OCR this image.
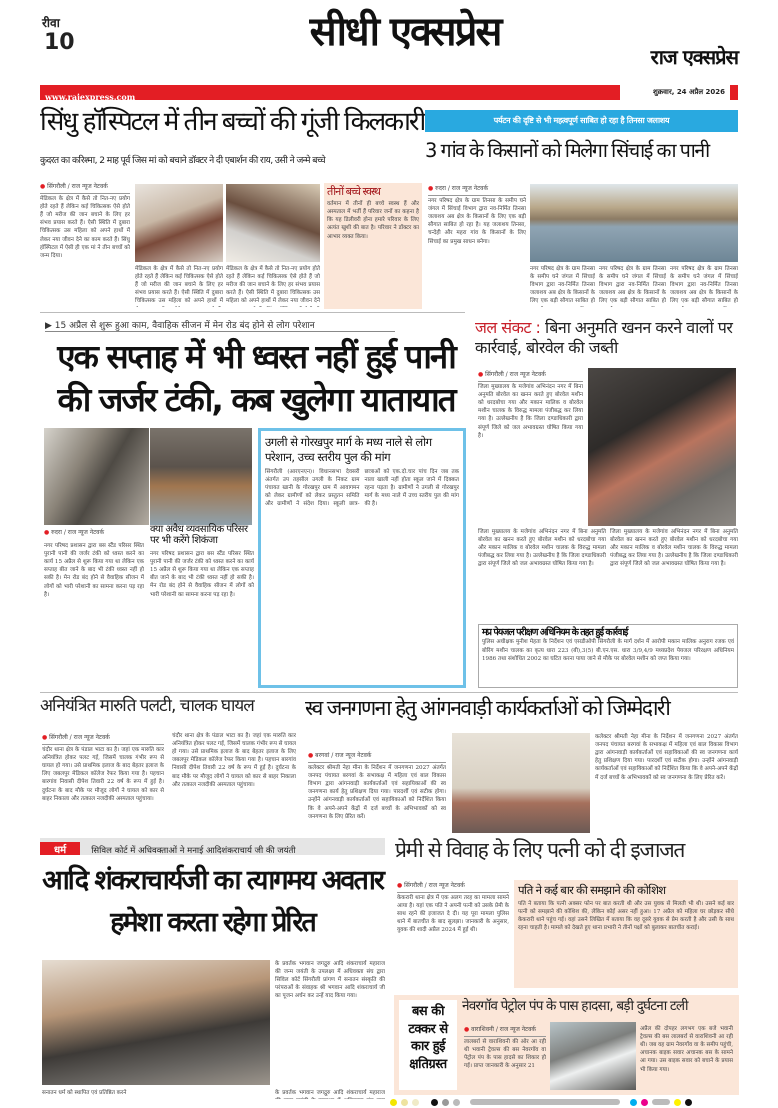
रीवा
10	सीधी एक्सप्रेस
राज एक्सप्रेस
www.rajexpress.com	शुक्रवार, 24 अप्रैल 2026
सिंधु हॉस्पिटल में तीन बच्चों की गूंजी किलकारी
कुदरत का करिश्मा, 2 माह पूर्व जिस मां को बचाने डॉक्टर ने दी एबार्शन की राय, उसी ने जन्मे बच्चे
● सिंगरौली / राज न्यूज नेटवर्क
मेडिकल के क्षेत्र में कैसे तो नित-नए प्रयोग होते रहते हैं लेकिन कई चिकित्सक ऐसे होते हैं जो मरीज की जान बचाने के लिए हर संभव प्रयास करते हैं। ऐसी स्थिति में दुबारा चिकित्सक उस महिला को अपने हाथों में लेकर नया जीवन देने का काम करते हैं। सिंधु हॉस्पिटल में ऐसी ही एक मां ने तीन बच्चों को जन्म दिया।
मेडिकल के क्षेत्र में कैसे तो नित-नए प्रयोग होते रहते हैं लेकिन कई चिकित्सक ऐसे होते हैं जो मरीज की जान बचाने के लिए हर संभव प्रयास करते हैं। ऐसी स्थिति में दुबारा चिकित्सक उस महिला को अपने हाथों में
मेडिकल के क्षेत्र में कैसे तो नित-नए प्रयोग होते रहते हैं लेकिन कई चिकित्सक ऐसे होते हैं जो मरीज की जान बचाने के लिए हर संभव प्रयास करते हैं। ऐसी स्थिति में दुबारा चिकित्सक उस महिला को अपने हाथों में लेकर नया जीवन देने
तीनों बच्चे स्वस्थ
वर्तमान में तीनों ही बच्चे स्वस्थ हैं और अस्पताल में भर्ती हैं परिवार जनों का कहना है कि यह डिलीवरी होना हमारे परिवार के लिए अत्यंत खुशी की बात है। परिवार ने डॉक्टर का आभार व्यक्त किया।
पर्यटन की दृष्टि से भी महत्वपूर्ण साबित हो रहा है तिनसा जलाशय
3 गांव के किसानों को मिलेगा सिंचाई का पानी
● रुदरा / राज न्यूज नेटवर्क
नगर परिषद क्षेत्र के ग्राम तिनसा के समीप घने जंगल में सिंचाई विभाग द्वारा नव-निर्मित तिनसा जलाशय अब क्षेत्र के किसानों के लिए एक बड़ी सौगात साबित हो रहा है। यह जलाशय तिनसा, चन्देही और महरा गांव के किसानों के लिए सिंचाई का प्रमुख साधन बनेगा।
नगर परिषद क्षेत्र के ग्राम तिनसा के समीप घने जंगल में सिंचाई विभाग द्वारा नव-निर्मित तिनसा जलाशय अब क्षेत्र के किसानों के लिए एक बड़ी सौगात साबित हो
नगर परिषद क्षेत्र के ग्राम तिनसा के समीप घने जंगल में सिंचाई विभाग द्वारा नव-निर्मित तिनसा जलाशय अब क्षेत्र के किसानों के लिए एक बड़ी सौगात साबित हो
नगर परिषद क्षेत्र के ग्राम तिनसा के समीप घने जंगल में सिंचाई विभाग द्वारा नव-निर्मित तिनसा जलाशय अब क्षेत्र के किसानों के लिए एक बड़ी सौगात साबित हो
▶ 15 अप्रैल से शुरू हुआ काम, वैवाहिक सीजन में मेन रोड बंद होने से लोग परेशान
एक सप्ताह में भी ध्वस्त नहीं हुई पानी की जर्जर टंकी, कब खुलेगा यातायात
● रुदरा / राज न्यूज नेटवर्क	क्या अवैध व्यवसायिक परिसर पर भी करेंगे शिकंजा
नगर परिषद प्रशासन द्वारा बस स्टैंड परिसर स्थित पुरानी पानी की जर्जर टंकी को ध्वस्त करने का कार्य 15 अप्रैल से शुरू किया गया था लेकिन एक सप्ताह बीत जाने के बाद भी टंकी ध्वस्त नहीं हो सकी है। मेन रोड बंद होने से वैवाहिक सीजन में लोगों को भारी परेशानी का सामना करना पड़ रहा है।
नगर परिषद प्रशासन द्वारा बस स्टैंड परिसर स्थित पुरानी पानी की जर्जर टंकी को ध्वस्त करने का कार्य 15 अप्रैल से शुरू किया गया था लेकिन एक सप्ताह बीत जाने के बाद भी टंकी ध्वस्त नहीं हो सकी है। मेन रोड बंद होने से वैवाहिक सीजन में लोगों को भारी परेशानी का सामना करना पड़ रहा है।
उगली से गोरखपुर मार्ग के मध्य नाले से लोग परेशान, उच्च स्तरीय पुल की मांग
सिंगरौली (आरएनएन)। विधानसभा देवसरी अंतर्गत उप तहसील उगली के निकट ग्राम पंचायत खानी के गोरखपुर ग्राम में आवागमन को लेकर ग्रामीणों को लेकर प्रस्तुतन समिति और ग्रामीणों ने संदेश दिया। स्कूली छात्र-छात्राओं को एक.दो.चार पांच दिन जब तक नाला खाली नहीं होता स्कूल जाने में दिक्कत रहना पड़ता है। ग्रामीणों ने उगली से गोरखपुर मार्ग के मध्य नाले में उच्च स्तरीय पुल की मांग की है।
जल संकट : बिना अनुमति खनन करने वालों पर कार्रवाई, बोरवेल की जब्ती
● सिंगरौली / राज न्यूज नेटवर्क
जिला मुख्यालय के मजेगांव अभिनंदन नगर में बिना अनुमति बोरवेल का खनन करते हुए बोरवेल मशीन को धरदबोचा गया और मकान मालिक व बोरवेल मशीन चालक के विरुद्ध मामला पंजीबद्ध कर लिया गया है। उल्लेखनीय है कि जिला दण्डाधिकारी द्वारा संपूर्ण जिले को जल अभावग्रस्त घोषित किया गया है।
जिला मुख्यालय के मजेगांव अभिनंदन नगर में बिना अनुमति बोरवेल का खनन करते हुए बोरवेल मशीन को धरदबोचा गया और मकान मालिक व बोरवेल मशीन चालक के विरुद्ध मामला पंजीबद्ध कर लिया गया है। उल्लेखनीय है कि जिला दण्डाधिकारी द्वारा संपूर्ण जिले को जल अभावग्रस्त घोषित किया गया है।
जिला मुख्यालय के मजेगांव अभिनंदन नगर में बिना अनुमति बोरवेल का खनन करते हुए बोरवेल मशीन को धरदबोचा गया और मकान मालिक व बोरवेल मशीन चालक के विरुद्ध मामला पंजीबद्ध कर लिया गया है। उल्लेखनीय है कि जिला दण्डाधिकारी द्वारा संपूर्ण जिले को जल अभावग्रस्त घोषित किया गया है।
मप्र पेयजल परीक्षण अधिनियम के तहत हुई कार्रवाई
पुलिस अधीक्षक मुनीश मेहता के निर्देशन एवं एसडीओपी सिंगरौली के मार्ग दर्शन में आरोपी मकान मालिक अनुराग रजक एवं बोरिंग मशीन चालक का कृत्य धारा 223 (बी),3(5) बी.एन.एस. धारा 3/9,4/9 मध्यप्रदेश पेयजल परिरक्षण अधिनियम 1986 तथा संशोधित 2002 का घटित करना पाया जाने से मौके पर बोरवेल मशीन को जप्त किया गया।
अनियंत्रित मारुति पलटी, चालक घायल
● सिंगरौली / राज न्यूज नेटवर्क
चंदौर थाना क्षेत्र के पंडाल भाटा का है। जहां एक मारुति कार अनियंत्रित होकर पलट गई, जिसमें चालक गंभीर रूप से घायल हो गया। उसे प्राथमिक इलाज के बाद बेहतर इलाज के लिए जबलपुर मेडिकल कॉलेज रेफर किया गया है। पहचान बारगांव निवासी दीपेश तिवारी 22 वर्ष के रूप में हुई है। दुर्घटना के बाद मौके पर मौजूद लोगों ने घायल को कार से बाहर निकाला और तत्काल नजदीकी अस्पताल पहुंचाया।
चंदौर थाना क्षेत्र के पंडाल भाटा का है। जहां एक मारुति कार अनियंत्रित होकर पलट गई, जिसमें चालक गंभीर रूप से घायल हो गया। उसे प्राथमिक इलाज के बाद बेहतर इलाज के लिए जबलपुर मेडिकल कॉलेज रेफर किया गया है। पहचान बारगांव निवासी दीपेश तिवारी 22 वर्ष के रूप में हुई है। दुर्घटना के बाद मौके पर मौजूद लोगों ने घायल को कार से बाहर निकाला और तत्काल नजदीकी अस्पताल पहुंचाया।
स्व जनगणना हेतु आंगनवाड़ी कार्यकर्ताओं को जिम्मेदारी
● बरगवां / राज न्यूज नेटवर्क
कलेक्टर श्रीमती नेहा मीना के निर्देशन में जनगणना 2027 अंतर्गत जनपद पंचायत बरगवां के सभाकक्ष में महिला एवं बाल विकास विभाग द्वारा आंगनवाड़ी कार्यकर्ताओं एवं सहायिकाओं की स्व जनगणना कार्य हेतु प्रशिक्षण दिया गया। पारदर्शी एवं सटीक होगा। उन्होंने आंगनवाड़ी कार्यकर्ताओं एवं सहायिकाओं को निर्देशित किया कि वे अपने-अपने केंद्रों में दर्ज बच्चों के अभिभावकों को स्व जनगणना के लिए प्रेरित करें।
कलेक्टर श्रीमती नेहा मीना के निर्देशन में जनगणना 2027 अंतर्गत जनपद पंचायत बरगवां के सभाकक्ष में महिला एवं बाल विकास विभाग द्वारा आंगनवाड़ी कार्यकर्ताओं एवं सहायिकाओं की स्व जनगणना कार्य हेतु प्रशिक्षण दिया गया। पारदर्शी एवं सटीक होगा। उन्होंने आंगनवाड़ी कार्यकर्ताओं एवं सहायिकाओं को निर्देशित किया कि वे अपने-अपने केंद्रों में दर्ज बच्चों के अभिभावकों को स्व जनगणना के लिए प्रेरित करें।
धर्म	सिविल कोर्ट में अधिवक्ताओं ने मनाई आदिशंकराचार्य जी की जयंती
आदि शंकराचार्यजी का त्यागमय अवतार हमेशा करता रहेगा प्रेरित
के प्रवर्तक भगवान जगद्गुरु आदि शंकराचार्य महाराज की जन्म जयंती के उपलक्ष्य में अधिवक्ता संघ द्वारा सिविल कोर्ट सिंगरौली प्रांगण में सनातन संस्कृति की परंपराओं के संवाहक श्री भगवान आदि शंकराचार्य जी का पूजन अर्चन कर उन्हें याद किया गया।
सनातन धर्म को स्थापित एवं प्रतिष्ठित करने	के प्रवर्तक भगवान जगद्गुरु आदि शंकराचार्य महाराज
प्रेमी से विवाह के लिए पत्नी को दी इजाजत
● सिंगरौली / राज न्यूज नेटवर्क
केकरारी थाना क्षेत्र में एक अलग तरह का मामला सामने आया है। यहां एक पति ने अपनी पत्नी को उसके प्रेमी के साथ रहने की इजाजत दे दी। यह पूरा मामला पुलिस थाने में बातचीत के बाद सुलझा। जानकारी के अनुसार, युवक की शादी अप्रैल 2024 में हुई थी।
पति ने कई बार की समझाने की कोशिश
पति ने बताया कि पत्नी अक्सर फोन पर बात करती थी और उस युवक से मिलती भी थी। उसने कई बार पत्नी को समझाने की कोशिश की, लेकिन कोई असर नहीं हुआ। 17 अप्रैल को महिला घर छोड़कर सीधे केकरारी थाने पहुंच गई। वहां उसने लिखित में बताया कि वह दूसरे युवक से प्रेम करती है और उसी के साथ रहना चाहती है। मामले को देखते हुए थाना प्रभारी ने तीनों पक्षों को बुलाकर बातचीत कराई।
बस की टक्कर से कार हुई क्षतिग्रस्त
नेवरगॉव पेट्रोल पंप के पास हादसा, बड़ी दुर्घटना टली
● वाराशिवनी / राज न्यूज नेटवर्क
लालबर्रा से वाराशिवनी की ओर आ रही थी भवानी ट्रेवल्स की बस नेवरगॉव वा पेट्रोल पंप के पास हादसे का शिकार हो गई। प्राप्त जानकारी के अनुसार 21
अप्रैल की दोपहर लगभग एक बजे भवानी ट्रेवल्स की बस लालबर्रा से वाराशिवनी आ रही थी। जब वह ग्राम नेवरगॉव वा के समीप पहुंची, अचानक बाइक सवार अचानक बस के सामने आ गया। उस बाइक सवार को बचाने के प्रयास भी किया गया।
